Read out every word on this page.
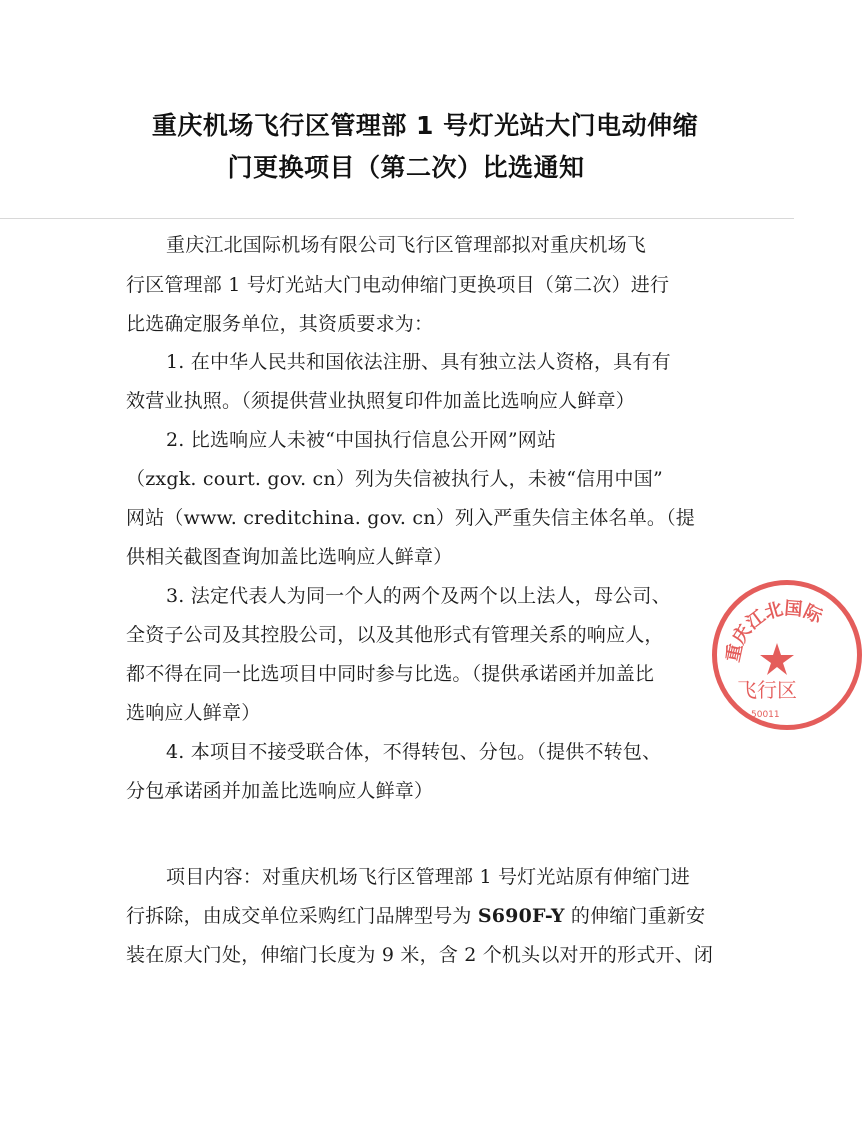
重庆机场飞行区管理部 1 号灯光站大门电动伸缩
门更换项目（第二次）比选通知
重庆江北国际机场有限公司飞行区管理部拟对重庆机场飞
行区管理部 1 号灯光站大门电动伸缩门更换项目（第二次）进行
比选确定服务单位，其资质要求为：
1. 在中华人民共和国依法注册、具有独立法人资格，具有有
效营业执照。（须提供营业执照复印件加盖比选响应人鲜章）
2. 比选响应人未被“中国执行信息公开网”网站
（zxgk. court. gov. cn）列为失信被执行人，未被“信用中国”
网站（www. creditchina. gov. cn）列入严重失信主体名单。（提
供相关截图查询加盖比选响应人鲜章）
3. 法定代表人为同一个人的两个及两个以上法人，母公司、
全资子公司及其控股公司，以及其他形式有管理关系的响应人，
都不得在同一比选项目中同时参与比选。（提供承诺函并加盖比
选响应人鲜章）
4. 本项目不接受联合体，不得转包、分包。（提供不转包、
分包承诺函并加盖比选响应人鲜章）
项目内容：对重庆机场飞行区管理部 1 号灯光站原有伸缩门进
行拆除，由成交单位采购红门品牌型号为 S690F-Y 的伸缩门重新安
装在原大门处，伸缩门长度为 9 米，含 2 个机头以对开的形式开、闭
重庆江北国际
飞行区
50011
